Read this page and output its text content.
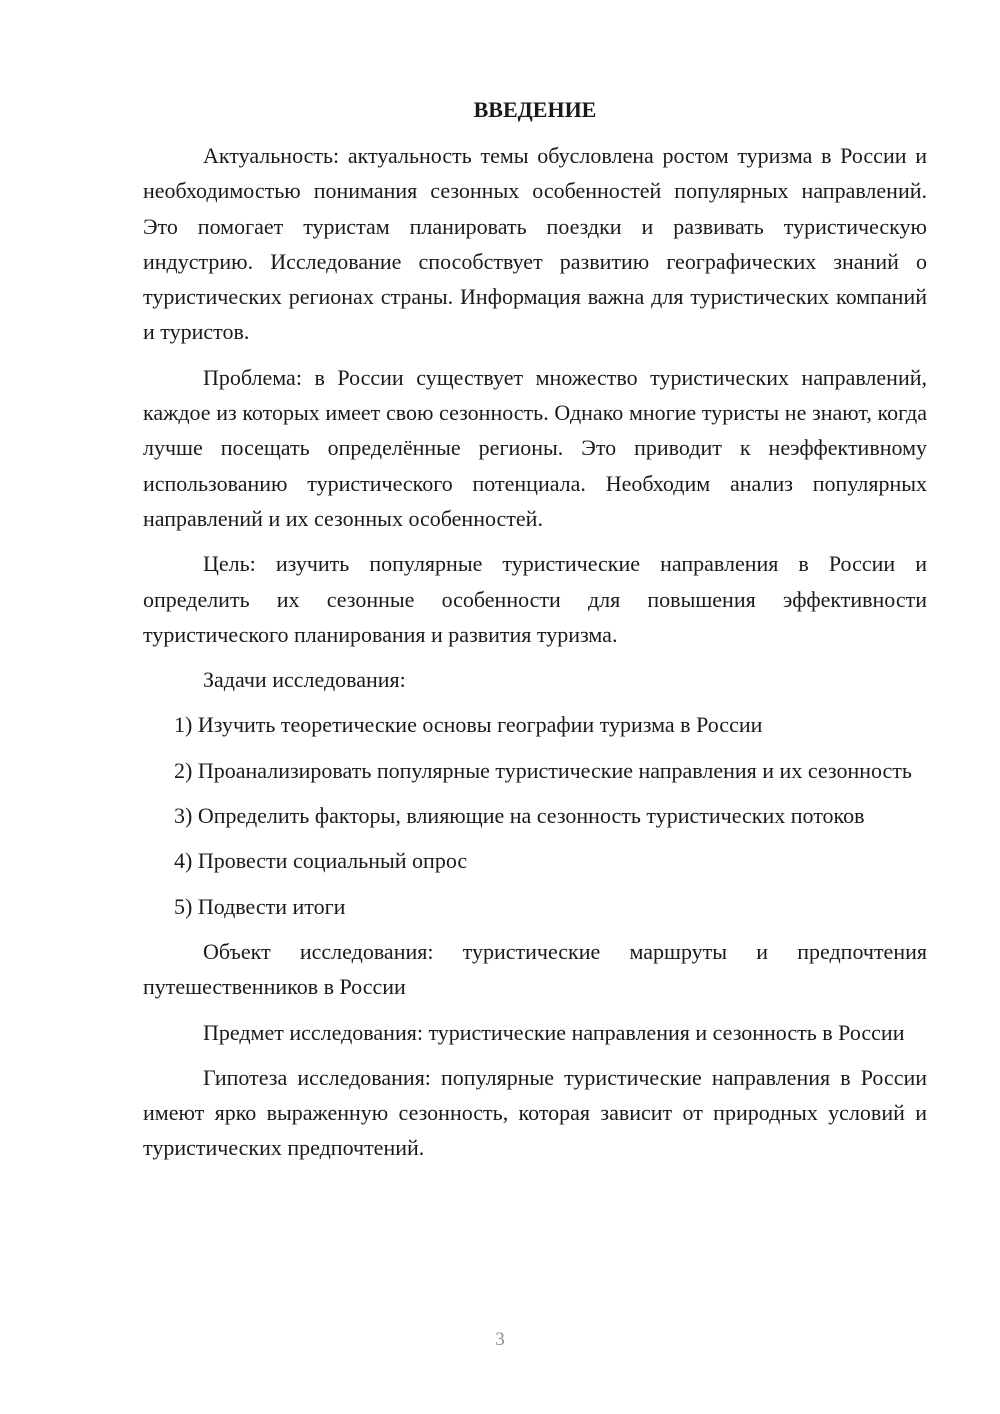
ВВЕДЕНИЕ

Актуальность: актуальность темы обусловлена ростом туризма в России и необходимостью понимания сезонных особенностей популярных направлений. Это помогает туристам планировать поездки и развивать туристическую индустрию. Исследование способствует развитию географических знаний о туристических регионах страны. Информация важна для туристических компаний и туристов.

Проблема: в России существует множество туристических направлений, каждое из которых имеет свою сезонность. Однако многие туристы не знают, когда лучше посещать определённые регионы. Это приводит к неэффективному использованию туристического потенциала. Необходим анализ популярных направлений и их сезонных особенностей.

Цель: изучить популярные туристические направления в России и определить их сезонные особенности для повышения эффективности туристического планирования и развития туризма.

Задачи исследования:

1) Изучить теоретические основы географии туризма в России

2) Проанализировать популярные туристические направления и их сезонность

3) Определить факторы, влияющие на сезонность туристических потоков

4) Провести социальный опрос

5) Подвести итоги

Объект исследования: туристические маршруты и предпочтения путешественников в России

Предмет исследования: туристические направления и сезонность в России

Гипотеза исследования: популярные туристические направления в России имеют ярко выраженную сезонность, которая зависит от природных условий и туристических предпочтений.

3
